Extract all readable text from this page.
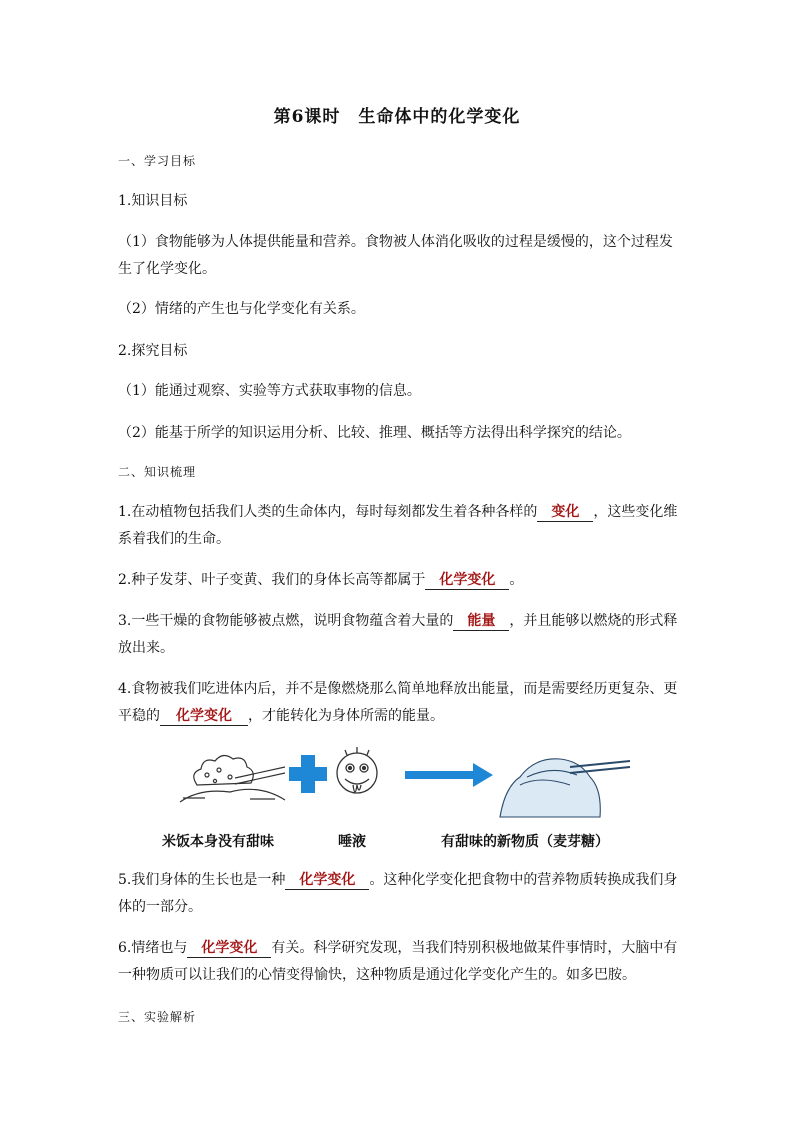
第6课时　生命体中的化学变化
一、学习目标
1.知识目标
（1）食物能够为人体提供能量和营养。食物被人体消化吸收的过程是缓慢的，这个过程发
生了化学变化。
（2）情绪的产生也与化学变化有关系。
2.探究目标
（1）能通过观察、实验等方式获取事物的信息。
（2）能基于所学的知识运用分析、比较、推理、概括等方法得出科学探究的结论。
二、知识梳理
1.在动植物包括我们人类的生命体内，每时每刻都发生着各种各样的 变化 ，这些变化维
系着我们的生命。
2.种子发芽、叶子变黄、我们的身体长高等都属于 化学变化 。
3.一些干燥的食物能够被点燃，说明食物蕴含着大量的 能量 ，并且能够以燃烧的形式释
放出来。
4.食物被我们吃进体内后，并不是像燃烧那么简单地释放出能量，而是需要经历更复杂、更
平稳的 化学变化 ，才能转化为身体所需的能量。
米饭本身没有甜味	唾液	有甜味的新物质（麦芽糖）
5.我们身体的生长也是一种 化学变化 。这种化学变化把食物中的营养物质转换成我们身
体的一部分。
6.情绪也与 化学变化 有关。科学研究发现，当我们特别积极地做某件事情时，大脑中有
一种物质可以让我们的心情变得愉快，这种物质是通过化学变化产生的。如多巴胺。
三、实验解析
